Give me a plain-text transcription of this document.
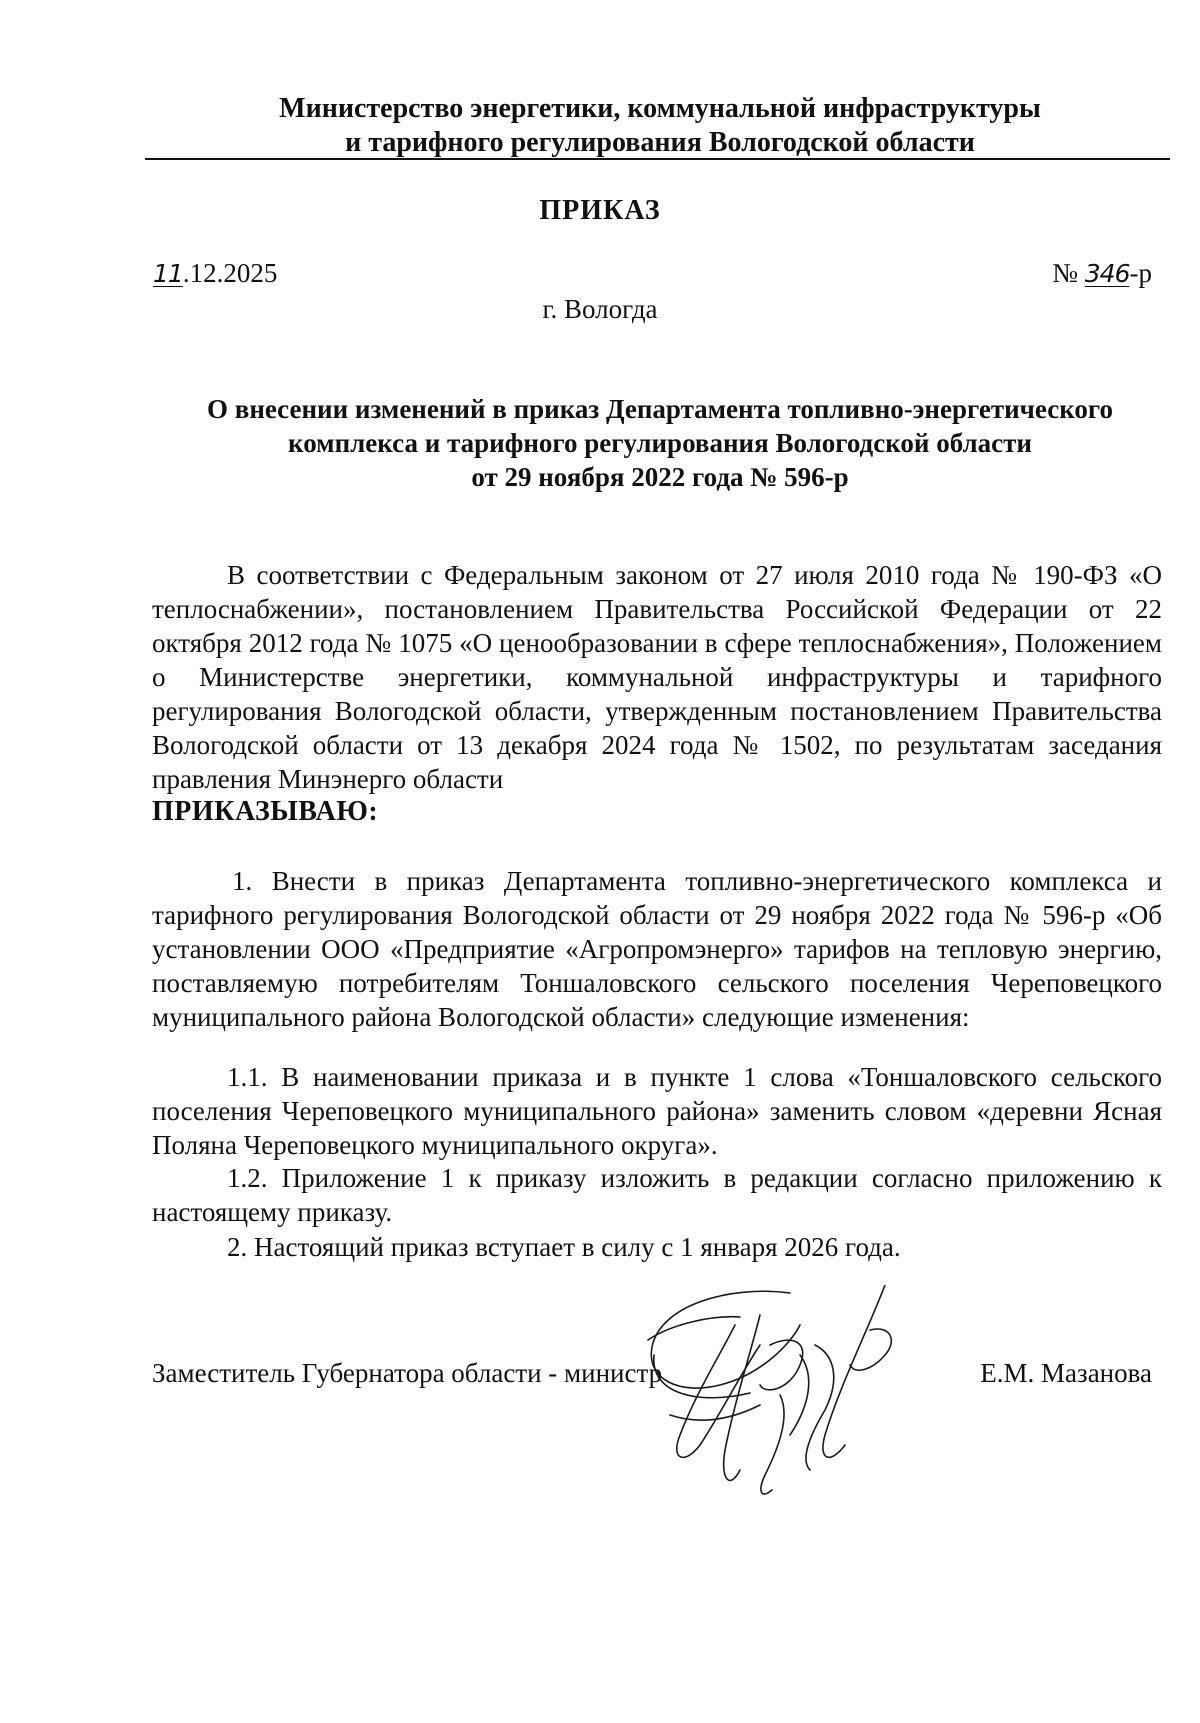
Министерство энергетики, коммунальной инфраструктуры
и тарифного регулирования Вологодской области
ПРИКАЗ
11.12.2025	№ 346-р
г. Вологда
О внесении изменений в приказ Департамента топливно-энергетического
комплекса и тарифного регулирования Вологодской области
от 29 ноября 2022 года № 596-р

В соответствии с Федеральным законом от 27 июля 2010 года № 190-ФЗ «О теплоснабжении», постановлением Правительства Российской Федерации от 22 октября 2012 года № 1075 «О ценообразовании в сфере теплоснабжения», Положением о Министерстве энергетики, коммунальной инфраструктуры и тарифного регулирования Вологодской области, утвержденным постановлением Правительства Вологодской области от 13 декабря 2024 года № 1502, по результатам заседания правления Минэнерго области

ПРИКАЗЫВАЮ:

1. Внести в приказ Департамента топливно-энергетического комплекса и тарифного регулирования Вологодской области от 29 ноября 2022 года № 596-р «Об установлении ООО «Предприятие «Агропромэнерго» тарифов на тепловую энергию, поставляемую потребителям Тоншаловского сельского поселения Череповецкого муниципального района Вологодской области» следующие изменения:

1.1. В наименовании приказа и в пункте 1 слова «Тоншаловского сельского поселения Череповецкого муниципального района» заменить словом «деревни Ясная Поляна Череповецкого муниципального округа».

1.2. Приложение 1 к приказу изложить в редакции согласно приложению к настоящему приказу.

2. Настоящий приказ вступает в силу с 1 января 2026 года.

Заместитель Губернатора области - министр	Е.М. Мазанова
